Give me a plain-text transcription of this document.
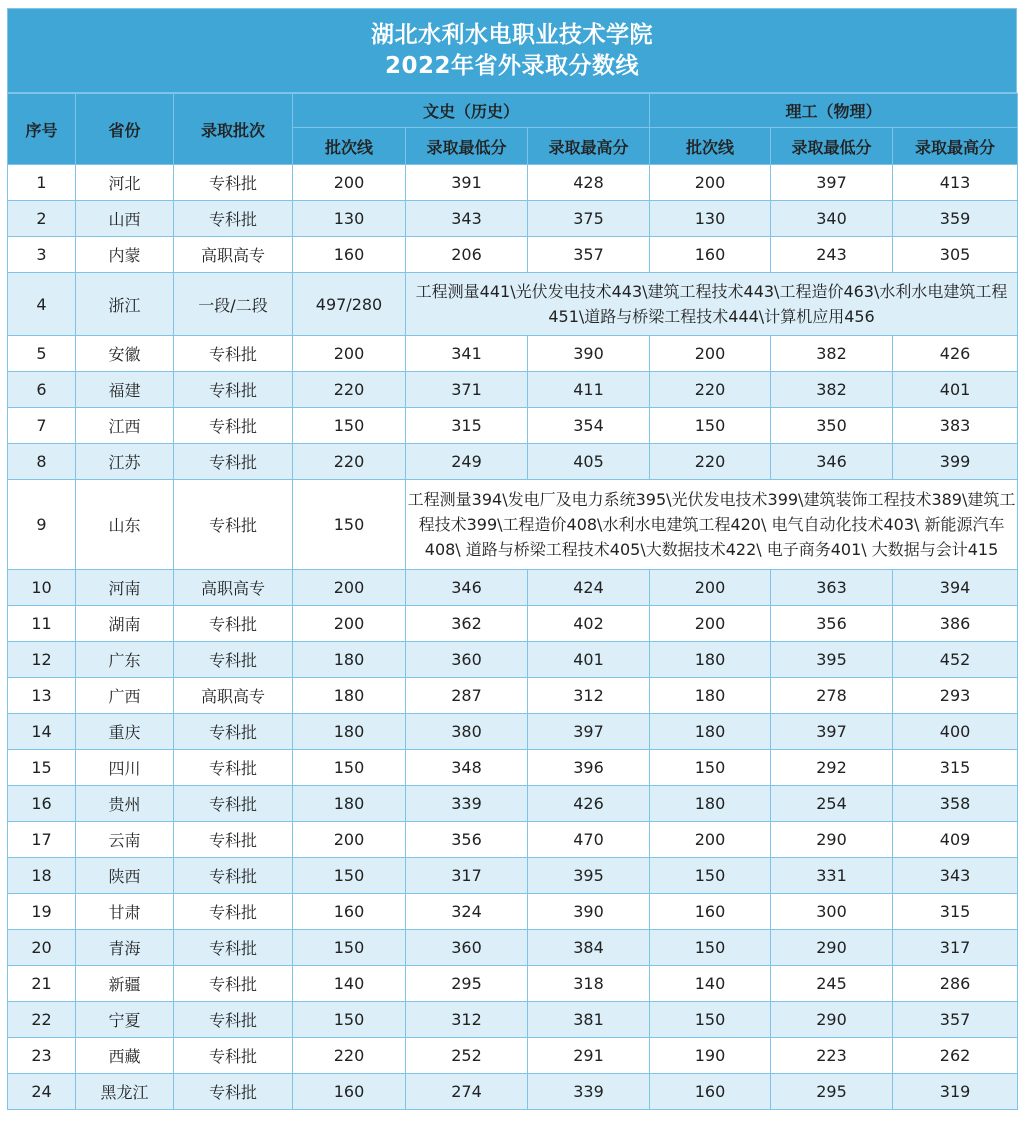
湖北水利水电职业技术学院
2022年省外录取分数线
序号	省份	录取批次	文史（历史）			理工（物理）		
			批次线	录取最低分	录取最高分	批次线	录取最低分	录取最高分
1	河北	专科批	200	391	428	200	397	413
2	山西	专科批	130	343	375	130	340	359
3	内蒙	高职高专	160	206	357	160	243	305
4	浙江	一段/二段	497/280	工程测量441\光伏发电技术443\建筑工程技术443\工程造价463\水利水电建筑工程
451\道路与桥梁工程技术444\计算机应用456				

5	安徽	专科批	200	341	390	200	382	426
6	福建	专科批	220	371	411	220	382	401
7	江西	专科批	150	315	354	150	350	383
8	江苏	专科批	220	249	405	220	346	399
9	山东	专科批	150	工程测量394\发电厂及电力系统395\光伏发电技术399\建筑装饰工程技术389\建筑工
程技术399\工程造价408\水利水电建筑工程420\ 电气自动化技术403\ 新能源汽车
408\ 道路与桥梁工程技术405\大数据技术422\ 电子商务401\ 大数据与会计415				

10	河南	高职高专	200	346	424	200	363	394
11	湖南	专科批	200	362	402	200	356	386
12	广东	专科批	180	360	401	180	395	452
13	广西	高职高专	180	287	312	180	278	293
14	重庆	专科批	180	380	397	180	397	400
15	四川	专科批	150	348	396	150	292	315
16	贵州	专科批	180	339	426	180	254	358
17	云南	专科批	200	356	470	200	290	409
18	陕西	专科批	150	317	395	150	331	343
19	甘肃	专科批	160	324	390	160	300	315
20	青海	专科批	150	360	384	150	290	317
21	新疆	专科批	140	295	318	140	245	286
22	宁夏	专科批	150	312	381	150	290	357
23	西藏	专科批	220	252	291	190	223	262
24	黑龙江	专科批	160	274	339	160	295	319
